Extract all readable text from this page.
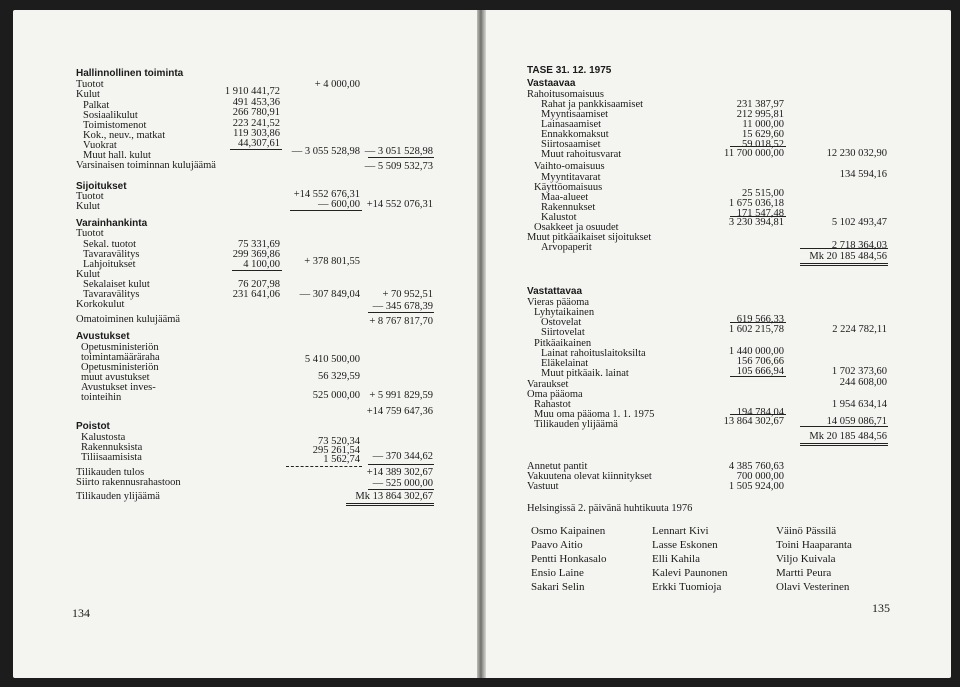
Hallinnollinen toiminta
Tuotot
Kulut
Palkat
Sosiaalikulut
Toimistomenot
Kok., neuv., matkat
Vuokrat
Muut hall. kulut
Varsinaisen toiminnan kulujäämä
Sijoitukset
Tuotot
Kulut
Varainhankinta
Tuotot
Sekal. tuotot
Tavaravälitys
Lahjoitukset
Kulut
Sekalaiset kulut
Tavaravälitys
Korkokulut
Omatoiminen kulujäämä
Avustukset
Opetusministeriön
toimintamääräraha
Opetusministeriön
muut avustukset
Avustukset inves-
tointeihin
Poistot
Kalustosta
Rakennuksista
Tiliisaamisista
Tilikauden tulos
Siirto rakennusrahastoon
Tilikauden ylijäämä
1 910 441,72
491 453,36
266 780,91
223 241,52
119 303,86
44,307,61
75 331,69
299 369,86
4 100,00
76 207,98
231 641,06
+ 4 000,00
— 3 055 528,98
+14 552 676,31
— 600,00
+ 378 801,55
— 307 849,04
5 410 500,00
56 329,59
525 000,00
73 520,34
295 261,54
1 562,74
— 3 051 528,98
— 5 509 532,73
+14 552 076,31
+ 70 952,51
— 345 678,39
+ 8 767 817,70
+ 5 991 829,59
+14 759 647,36
— 370 344,62
+14 389 302,67
— 525 000,00
Mk 13 864 302,67
134
TASE 31. 12. 1975
Vastaavaa
Rahoitusomaisuus
Rahat ja pankkisaamiset
Myyntisaamiset
Lainasaamiset
Ennakkomaksut
Siirtosaamiset
Muut rahoitusvarat
Vaihto-omaisuus
Myyntitavarat
Käyttöomaisuus
Maa-alueet
Rakennukset
Kalustot
Osakkeet ja osuudet
Muut pitkäaikaiset sijoitukset
Arvopaperit
Vastattavaa
Vieras pääoma
Lyhytaikainen
Ostovelat
Siirtovelat
Pitkäaikainen
Lainat rahoituslaitoksilta
Eläkelainat
Muut pitkäaik. lainat
Varaukset
Oma pääoma
Rahastot
Muu oma pääoma 1. 1. 1975
Tilikauden ylijäämä
Annetut pantit
Vakuutena olevat kiinnitykset
Vastuut
Helsingissä 2. päivänä huhtikuuta 1976
231 387,97
212 995,81
11 000,00
15 629,60
59 018,52
11 700 000,00
25 515,00
1 675 036,18
171 547,48
3 230 394,81
619 566,33
1 602 215,78
1 440 000,00
156 706,66
105 666,94
194 784,04
13 864 302,67
4 385 760,63
700 000,00
1 505 924,00
12 230 032,90
134 594,16
5 102 493,47
2 718 364,03
Mk 20 185 484,56
2 224 782,11
1 702 373,60
244 608,00
1 954 634,14
14 059 086,71
Mk 20 185 484,56
Osmo Kaipainen
Paavo Aitio
Pentti Honkasalo
Ensio Laine
Sakari Selin
Lennart Kivi
Lasse Eskonen
Elli Kahila
Kalevi Paunonen
Erkki Tuomioja
Väinö Pässilä
Toini Haaparanta
Viljo Kuivala
Martti Peura
Olavi Vesterinen
135
